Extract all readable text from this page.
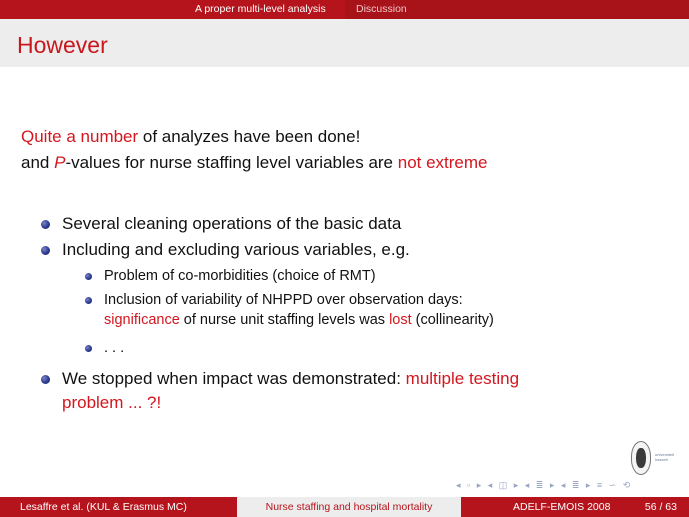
A proper multi-level analysis	Discussion
However
Quite a number of analyzes have been done!
and P-values for nurse staffing level variables are not extreme
Several cleaning operations of the basic data
Including and excluding various variables, e.g.
Problem of co-morbidities (choice of RMT)
Inclusion of variability of NHPPD over observation days:
significance of nurse unit staffing levels was lost (collinearity)
. . .
We stopped when impact was demonstrated: multiple testing
problem ... ?!
universiteit
hasselt
◂ ▫ ▸ ◂ ◫ ▸ ◂ ≣ ▸ ◂ ≣ ▸ ≡ ∽ ⟲
Lesaffre et al. (KUL & Erasmus MC)	Nurse staffing and hospital mortality	ADELF-EMOIS 2008	56 / 63
